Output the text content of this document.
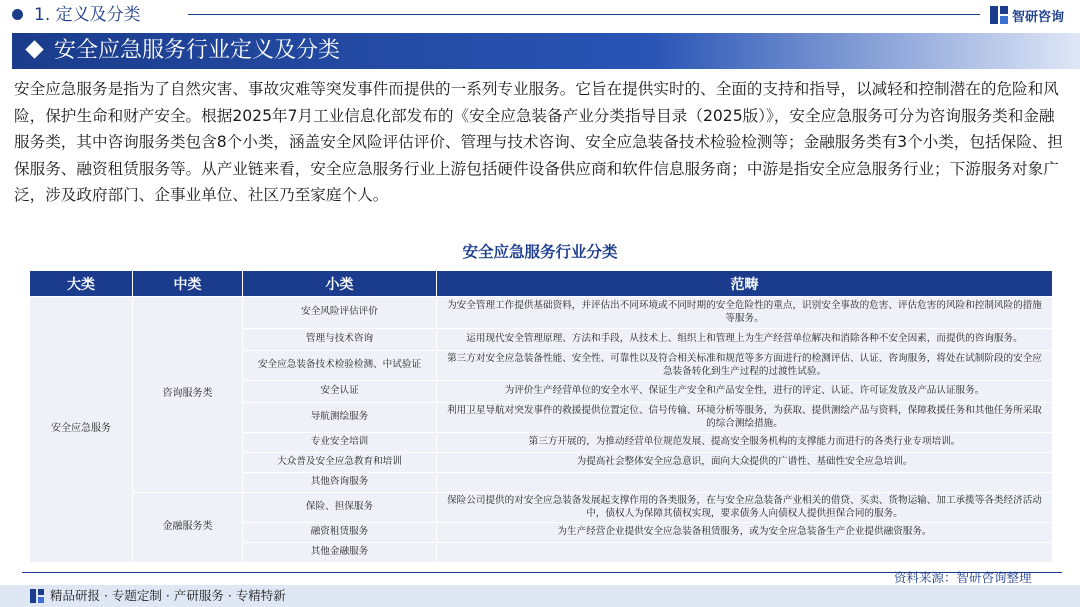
1. 定义及分类	智研咨询
安全应急服务行业定义及分类
安全应急服务是指为了自然灾害、事故灾难等突发事件而提供的一系列专业服务。它旨在提供实时的、全面的支持和指导，以减轻和控制潜在的危险和风险，保护生命和财产安全。根据2025年7月工业信息化部发布的《安全应急装备产业分类指导目录（2025版）》，安全应急服务可分为咨询服务类和金融服务类，其中咨询服务类包含8个小类，涵盖安全风险评估评价、管理与技术咨询、安全应急装备技术检验检测等；金融服务类有3个小类，包括保险、担保服务、融资租赁服务等。从产业链来看，安全应急服务行业上游包括硬件设备供应商和软件信息服务商；中游是指安全应急服务行业；下游服务对象广泛，涉及政府部门、企事业单位、社区乃至家庭个人。
安全应急服务行业分类
大类	中类	小类	范畴
安全应急服务	咨询服务类	安全风险评估评价	为安全管理工作提供基础资料，并评估出不同环境或不同时期的安全危险性的重点，识别安全事故的危害、评估危害的风险和控制风险的措施等服务。
		管理与技术咨询	运用现代安全管理原理、方法和手段，从技术上、组织上和管理上为生产经营单位解决和消除各种不安全因素，而提供的咨询服务。
		安全应急装备技术检验检测、中试验证	第三方对安全应急装备性能、安全性、可靠性以及符合相关标准和规范等多方面进行的检测评估、认证、咨询服务，将处在试制阶段的安全应急装备转化到生产过程的过渡性试验。
		安全认证	为评价生产经营单位的安全水平、保证生产安全和产品安全性，进行的评定、认证、许可证发放及产品认证服务。
		导航测绘服务	利用卫星导航对突发事件的救援提供位置定位、信号传输、环境分析等服务，为获取、提供测绘产品与资料，保障救援任务和其他任务所采取的综合测绘措施。
		专业安全培训	第三方开展的，为推动经营单位规范发展、提高安全服务机构的支撑能力而进行的各类行业专项培训。
		大众普及安全应急教育和培训	为提高社会整体安全应急意识，面向大众提供的广谱性、基础性安全应急培训。
		其他咨询服务	
	金融服务类	保险、担保服务	保险公司提供的对安全应急装备发展起支撑作用的各类服务，在与安全应急装备产业相关的借贷、买卖、货物运输、加工承揽等各类经济活动中，债权人为保障其债权实现，要求债务人向债权人提供担保合同的服务。
		融资租赁服务	为生产经营企业提供安全应急装备租赁服务，或为安全应急装备生产企业提供融资服务。
		其他金融服务	
资料来源：智研咨询整理
精品研报 · 专题定制 · 产研服务 · 专精特新
